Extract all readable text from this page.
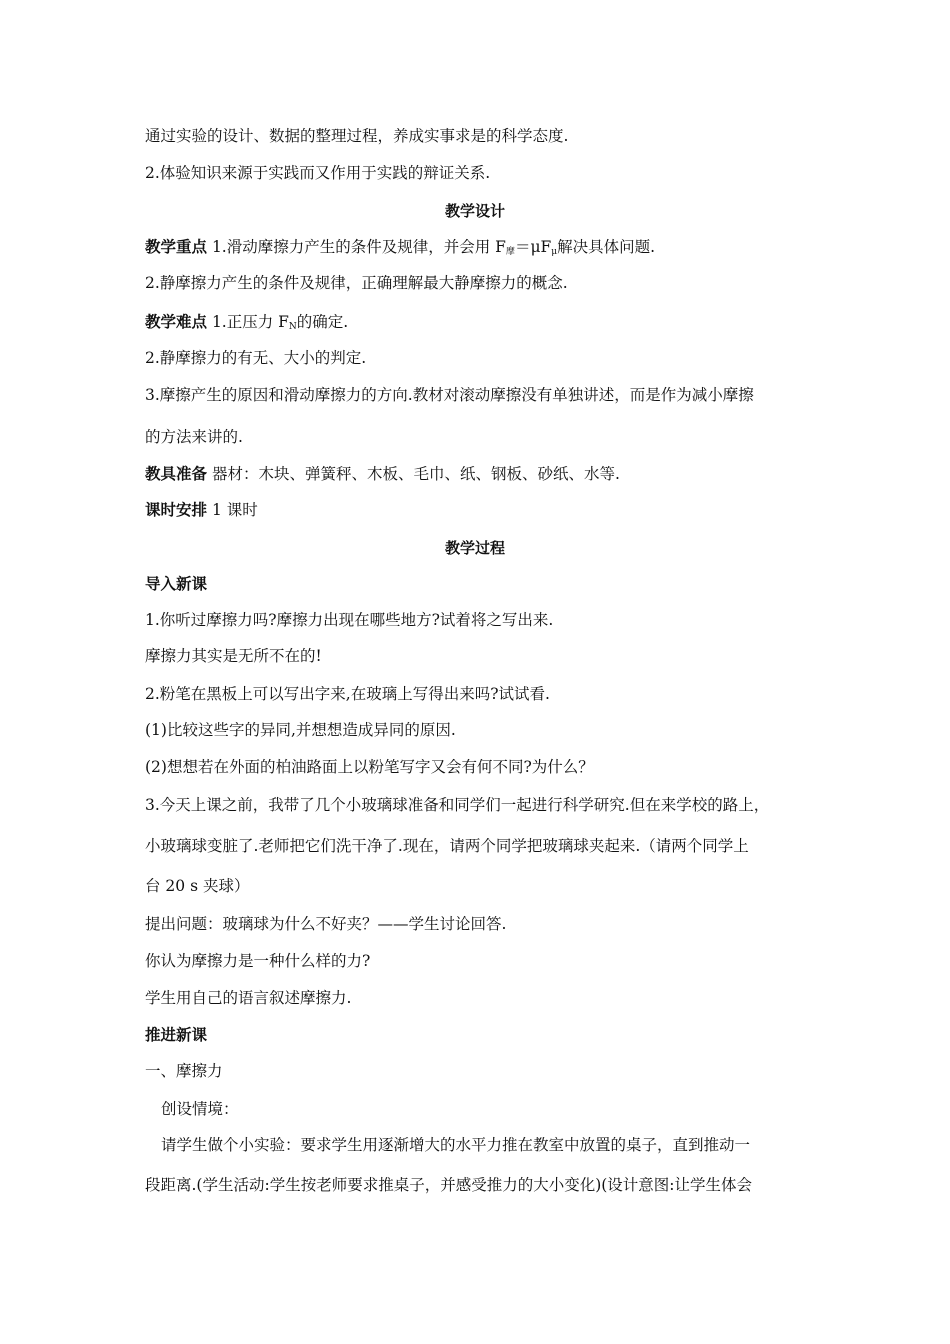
通过实验的设计、数据的整理过程，养成实事求是的科学态度.
2.体验知识来源于实践而又作用于实践的辩证关系.
教学设计
教学重点 1.滑动摩擦力产生的条件及规律，并会用 $F_摩=\mu F_\mu$解决具体问题.
2.静摩擦力产生的条件及规律，正确理解最大静摩擦力的概念.
教学难点 1.正压力 $F_N$的确定.
2.静摩擦力的有无、大小的判定.
3.摩擦产生的原因和滑动摩擦力的方向.教材对滚动摩擦没有单独讲述，而是作为减小摩擦
的方法来讲的.
教具准备 器材：木块、弹簧秤、木板、毛巾、纸、钢板、砂纸、水等.
课时安排 1 课时
教学过程
导入新课
1.你听过摩擦力吗?摩擦力出现在哪些地方?试着将之写出来.
摩擦力其实是无所不在的!
2.粉笔在黑板上可以写出字来,在玻璃上写得出来吗?试试看.
(1)比较这些字的异同,并想想造成异同的原因.
(2)想想若在外面的柏油路面上以粉笔写字又会有何不同?为什么？
3.今天上课之前，我带了几个小玻璃球准备和同学们一起进行科学研究.但在来学校的路上，
小玻璃球变脏了.老师把它们洗干净了.现在，请两个同学把玻璃球夹起来.（请两个同学上
台 20 s 夹球）
提出问题：玻璃球为什么不好夹？——学生讨论回答.
你认为摩擦力是一种什么样的力?
学生用自己的语言叙述摩擦力.
推进新课
一、摩擦力
创设情境：
请学生做个小实验：要求学生用逐渐增大的水平力推在教室中放置的桌子，直到推动一
段距离.(学生活动:学生按老师要求推桌子，并感受推力的大小变化)(设计意图:让学生体会
